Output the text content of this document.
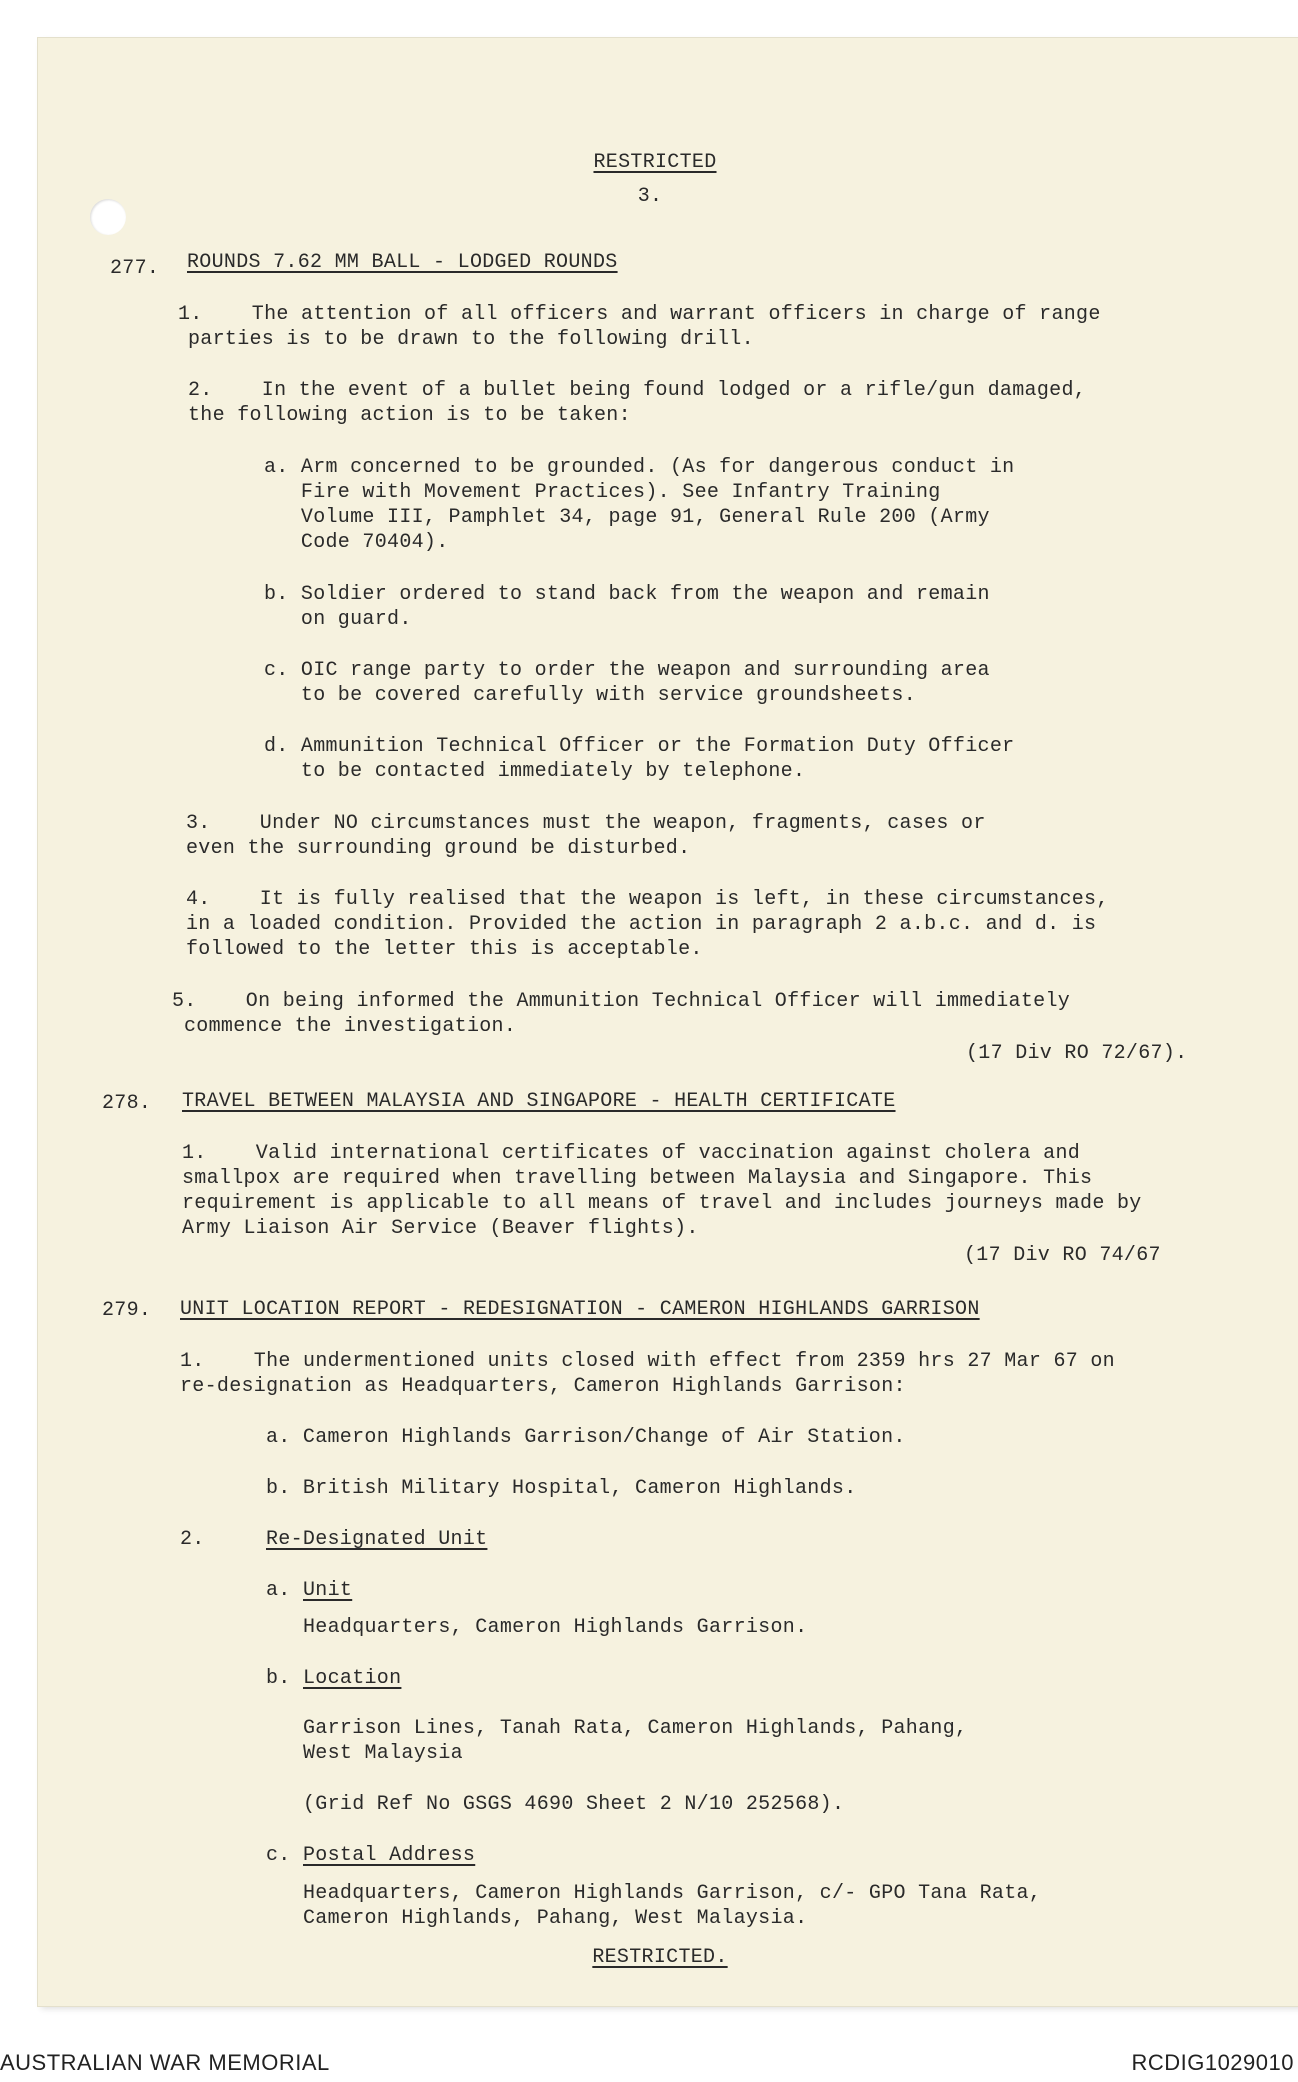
RESTRICTED
3.
277. ROUNDS 7.62 MM BALL - LODGED ROUNDS
1.    The attention of all officers and warrant officers in charge of range
parties is to be drawn to the following drill.
2.    In the event of a bullet being found lodged or a rifle/gun damaged,
the following action is to be taken:
a. Arm concerned to be grounded. (As for dangerous conduct in
Fire with Movement Practices). See Infantry Training
Volume III, Pamphlet 34, page 91, General Rule 200 (Army
Code 70404).
b. Soldier ordered to stand back from the weapon and remain
on guard.
c. OIC range party to order the weapon and surrounding area
to be covered carefully with service groundsheets.
d. Ammunition Technical Officer or the Formation Duty Officer
to be contacted immediately by telephone.
3.    Under NO circumstances must the weapon, fragments, cases or
even the surrounding ground be disturbed.
4.    It is fully realised that the weapon is left, in these circumstances,
in a loaded condition. Provided the action in paragraph 2 a.b.c. and d. is
followed to the letter this is acceptable.
5.    On being informed the Ammunition Technical Officer will immediately
commence the investigation.
(17 Div RO 72/67).
278. TRAVEL BETWEEN MALAYSIA AND SINGAPORE - HEALTH CERTIFICATE
1.    Valid international certificates of vaccination against cholera and
smallpox are required when travelling between Malaysia and Singapore. This
requirement is applicable to all means of travel and includes journeys made by
Army Liaison Air Service (Beaver flights).
(17 Div RO 74/67
279. UNIT LOCATION REPORT - REDESIGNATION - CAMERON HIGHLANDS GARRISON
1.    The undermentioned units closed with effect from 2359 hrs 27 Mar 67 on
re-designation as Headquarters, Cameron Highlands Garrison:
a. Cameron Highlands Garrison/Change of Air Station.
b. British Military Hospital, Cameron Highlands.
2.	Re-Designated Unit
a. Unit
Headquarters, Cameron Highlands Garrison.
b. Location
Garrison Lines, Tanah Rata, Cameron Highlands, Pahang,
West Malaysia
(Grid Ref No GSGS 4690 Sheet 2 N/10 252568).
c. Postal Address
Headquarters, Cameron Highlands Garrison, c/- GPO Tana Rata,
Cameron Highlands, Pahang, West Malaysia.
RESTRICTED.
AUSTRALIAN WAR MEMORIAL	RCDIG1029010
